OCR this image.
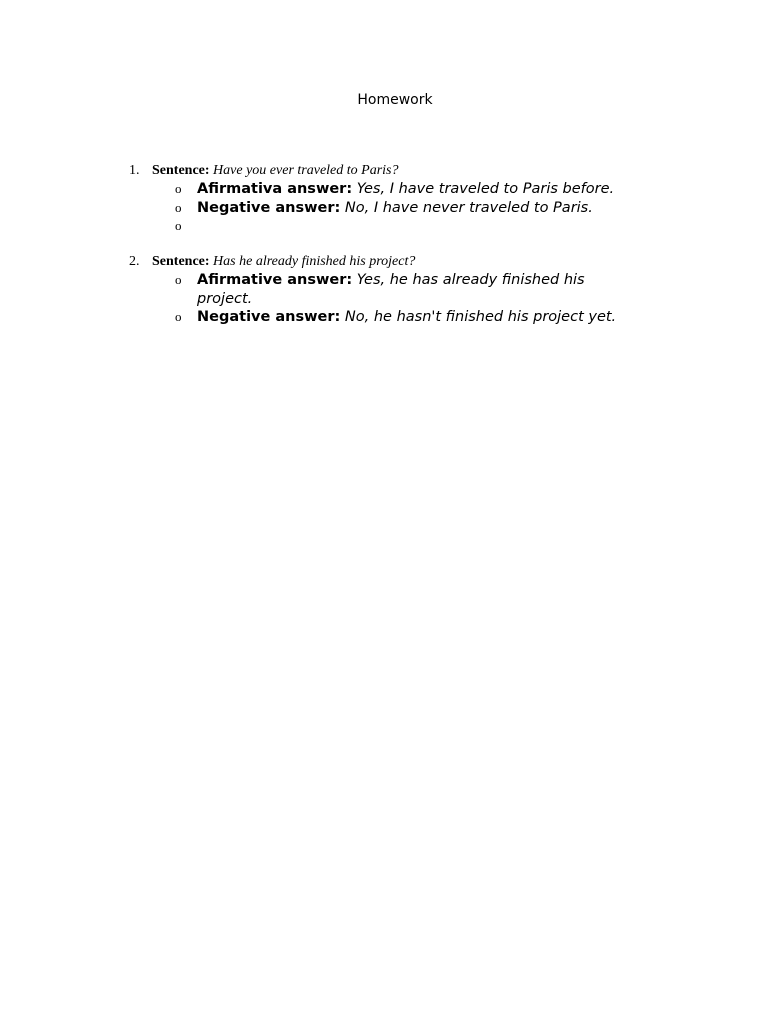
Homework
1. Sentence: Have you ever traveled to Paris?
o Afirmativa answer: Yes, I have traveled to Paris before.
o Negative answer: No, I have never traveled to Paris.
o
2. Sentence: Has he already finished his project?
o Afirmative answer: Yes, he has already finished his project.
o Negative answer: No, he hasn't finished his project yet.
